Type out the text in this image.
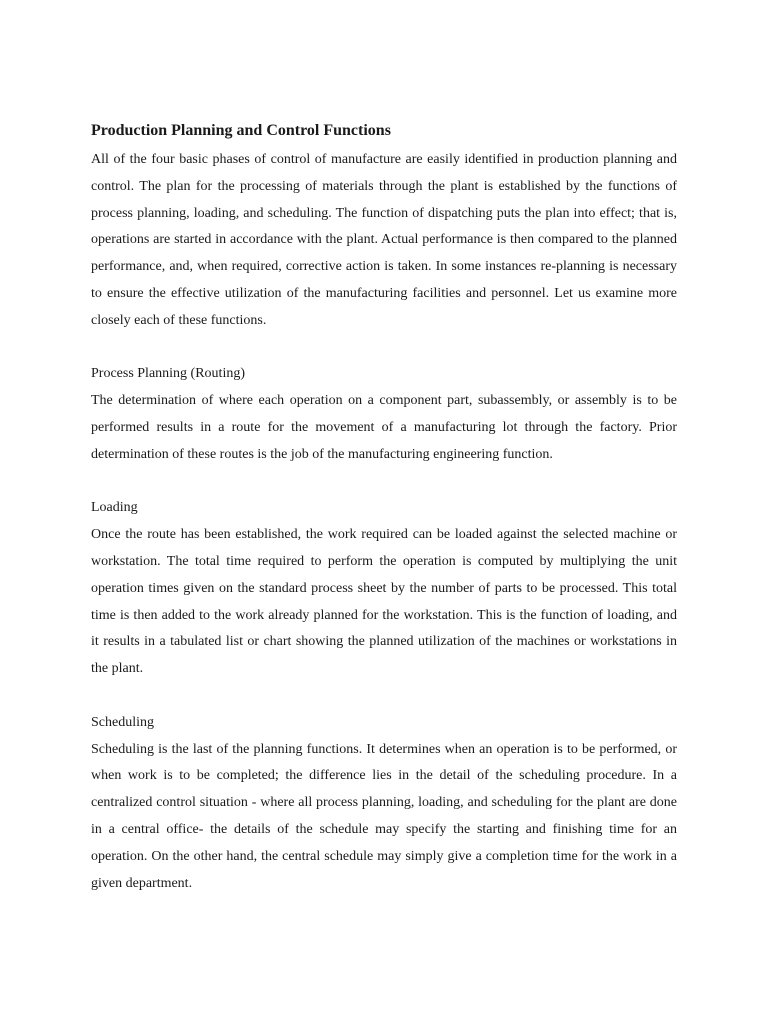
Production Planning and Control Functions

All of the four basic phases of control of manufacture are easily identified in production planning and control. The plan for the processing of materials through the plant is established by the functions of process planning, loading, and scheduling. The function of dispatching puts the plan into effect; that is, operations are started in accordance with the plant. Actual performance is then compared to the planned performance, and, when required, corrective action is taken. In some instances re-planning is necessary to ensure the effective utilization of the manufacturing facilities and personnel. Let us examine more closely each of these functions.

Process Planning (Routing)

The determination of where each operation on a component part, subassembly, or assembly is to be performed results in a route for the movement of a manufacturing lot through the factory. Prior determination of these routes is the job of the manufacturing engineering function.

Loading

Once the route has been established, the work required can be loaded against the selected machine or workstation. The total time required to perform the operation is computed by multiplying the unit operation times given on the standard process sheet by the number of parts to be processed. This total time is then added to the work already planned for the workstation. This is the function of loading, and it results in a tabulated list or chart showing the planned utilization of the machines or workstations in the plant.

Scheduling

Scheduling is the last of the planning functions. It determines when an operation is to be performed, or when work is to be completed; the difference lies in the detail of the scheduling procedure. In a centralized control situation - where all process planning, loading, and scheduling for the plant are done in a central office- the details of the schedule may specify the starting and finishing time for an operation. On the other hand, the central schedule may simply give a completion time for the work in a given department.
